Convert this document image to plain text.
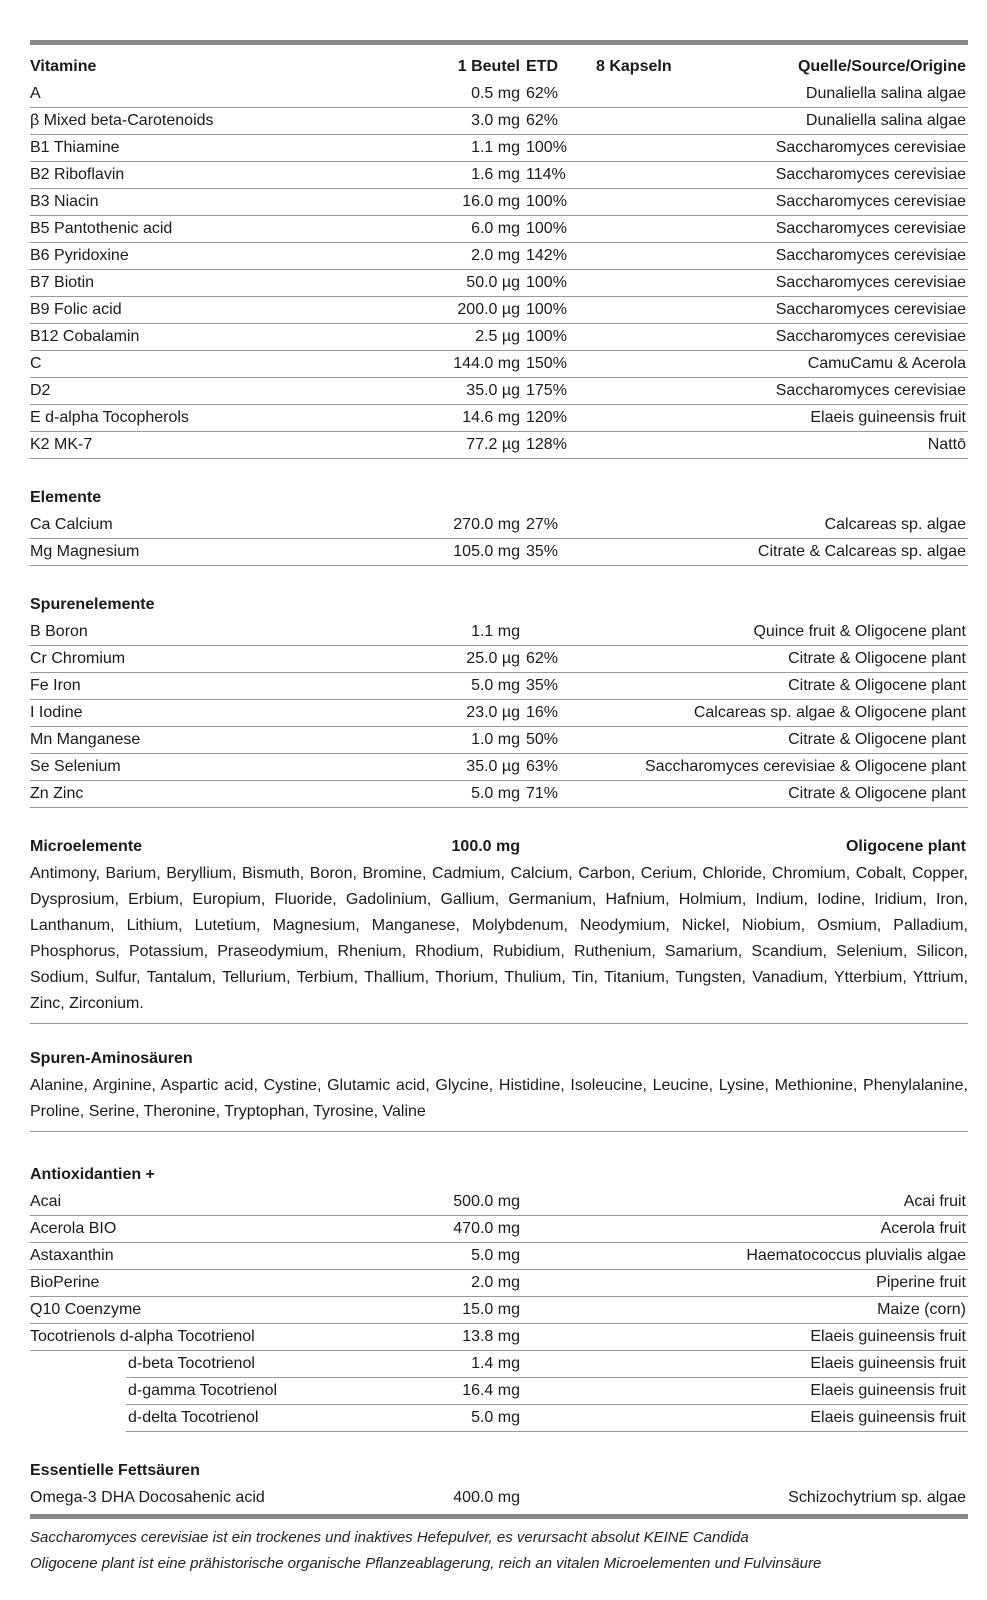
Vitamine	1 Beutel ETD 8 Kapseln	Quelle/Source/Origine
A	0.5 mg 62%	Dunaliella salina algae
β Mixed beta-Carotenoids	3.0 mg 62%	Dunaliella salina algae
B1 Thiamine	1.1 mg 100%	Saccharomyces cerevisiae
B2 Riboflavin	1.6 mg 114%	Saccharomyces cerevisiae
B3 Niacin	16.0 mg 100%	Saccharomyces cerevisiae
B5 Pantothenic acid	6.0 mg 100%	Saccharomyces cerevisiae
B6 Pyridoxine	2.0 mg 142%	Saccharomyces cerevisiae
B7 Biotin	50.0 µg 100%	Saccharomyces cerevisiae
B9 Folic acid	200.0 µg 100%	Saccharomyces cerevisiae
B12 Cobalamin	2.5 µg 100%	Saccharomyces cerevisiae
C	144.0 mg 150%	CamuCamu & Acerola
D2	35.0 µg 175%	Saccharomyces cerevisiae
E d-alpha Tocopherols	14.6 mg 120%	Elaeis guineensis fruit
K2 MK-7	77.2 µg 128%	Nattō
Elemente
Ca Calcium	270.0 mg 27%	Calcareas sp. algae
Mg Magnesium	105.0 mg 35%	Citrate & Calcareas sp. algae
Spurenelemente
B Boron	1.1 mg	Quince fruit & Oligocene plant
Cr Chromium	25.0 µg 62%	Citrate & Oligocene plant
Fe Iron	5.0 mg 35%	Citrate & Oligocene plant
I Iodine	23.0 µg 16%	Calcareas sp. algae & Oligocene plant
Mn Manganese	1.0 mg 50%	Citrate & Oligocene plant
Se Selenium	35.0 µg 63%	Saccharomyces cerevisiae & Oligocene plant
Zn Zinc	5.0 mg 71%	Citrate & Oligocene plant
Microelemente	100.0 mg	Oligocene plant
Antimony, Barium, Beryllium, Bismuth, Boron, Bromine, Cadmium, Calcium, Carbon, Cerium, Chloride, Chromium, Cobalt, Copper, Dysprosium, Erbium, Europium, Fluoride, Gadolinium, Gallium, Germanium, Hafnium, Holmium, Indium, Iodine, Iridium, Iron, Lanthanum, Lithium, Lutetium, Magnesium, Manganese, Molybdenum, Neodymium, Nickel, Niobium, Osmium, Palladium, Phosphorus, Potassium, Praseodymium, Rhenium, Rhodium, Rubidium, Ruthenium, Samarium, Scandium, Selenium, Silicon, Sodium, Sulfur, Tantalum, Tellurium, Terbium, Thallium, Thorium, Thulium, Tin, Titanium, Tungsten, Vanadium, Ytterbium, Yttrium, Zinc, Zirconium.
Spuren-Aminosäuren
Alanine, Arginine, Aspartic acid, Cystine, Glutamic acid, Glycine, Histidine, Isoleucine, Leucine, Lysine, Methionine, Phenylalanine, Proline, Serine, Theronine, Tryptophan, Tyrosine, Valine
Antioxidantien +
Acai	500.0 mg	Acai fruit
Acerola BIO	470.0 mg	Acerola fruit
Astaxanthin	5.0 mg	Haematococcus pluvialis algae
BioPerine	2.0 mg	Piperine fruit
Q10 Coenzyme	15.0 mg	Maize (corn)
Tocotrienols d-alpha Tocotrienol	13.8 mg	Elaeis guineensis fruit
d-beta Tocotrienol	1.4 mg	Elaeis guineensis fruit
d-gamma Tocotrienol	16.4 mg	Elaeis guineensis fruit
d-delta Tocotrienol	5.0 mg	Elaeis guineensis fruit
Essentielle Fettsäuren
Omega-3 DHA Docosahenic acid	400.0 mg	Schizochytrium sp. algae
Saccharomyces cerevisiae ist ein trockenes und inaktives Hefepulver, es verursacht absolut KEINE Candida
Oligocene plant ist eine prähistorische organische Pflanzeablagerung, reich an vitalen Microelementen und Fulvinsäure
